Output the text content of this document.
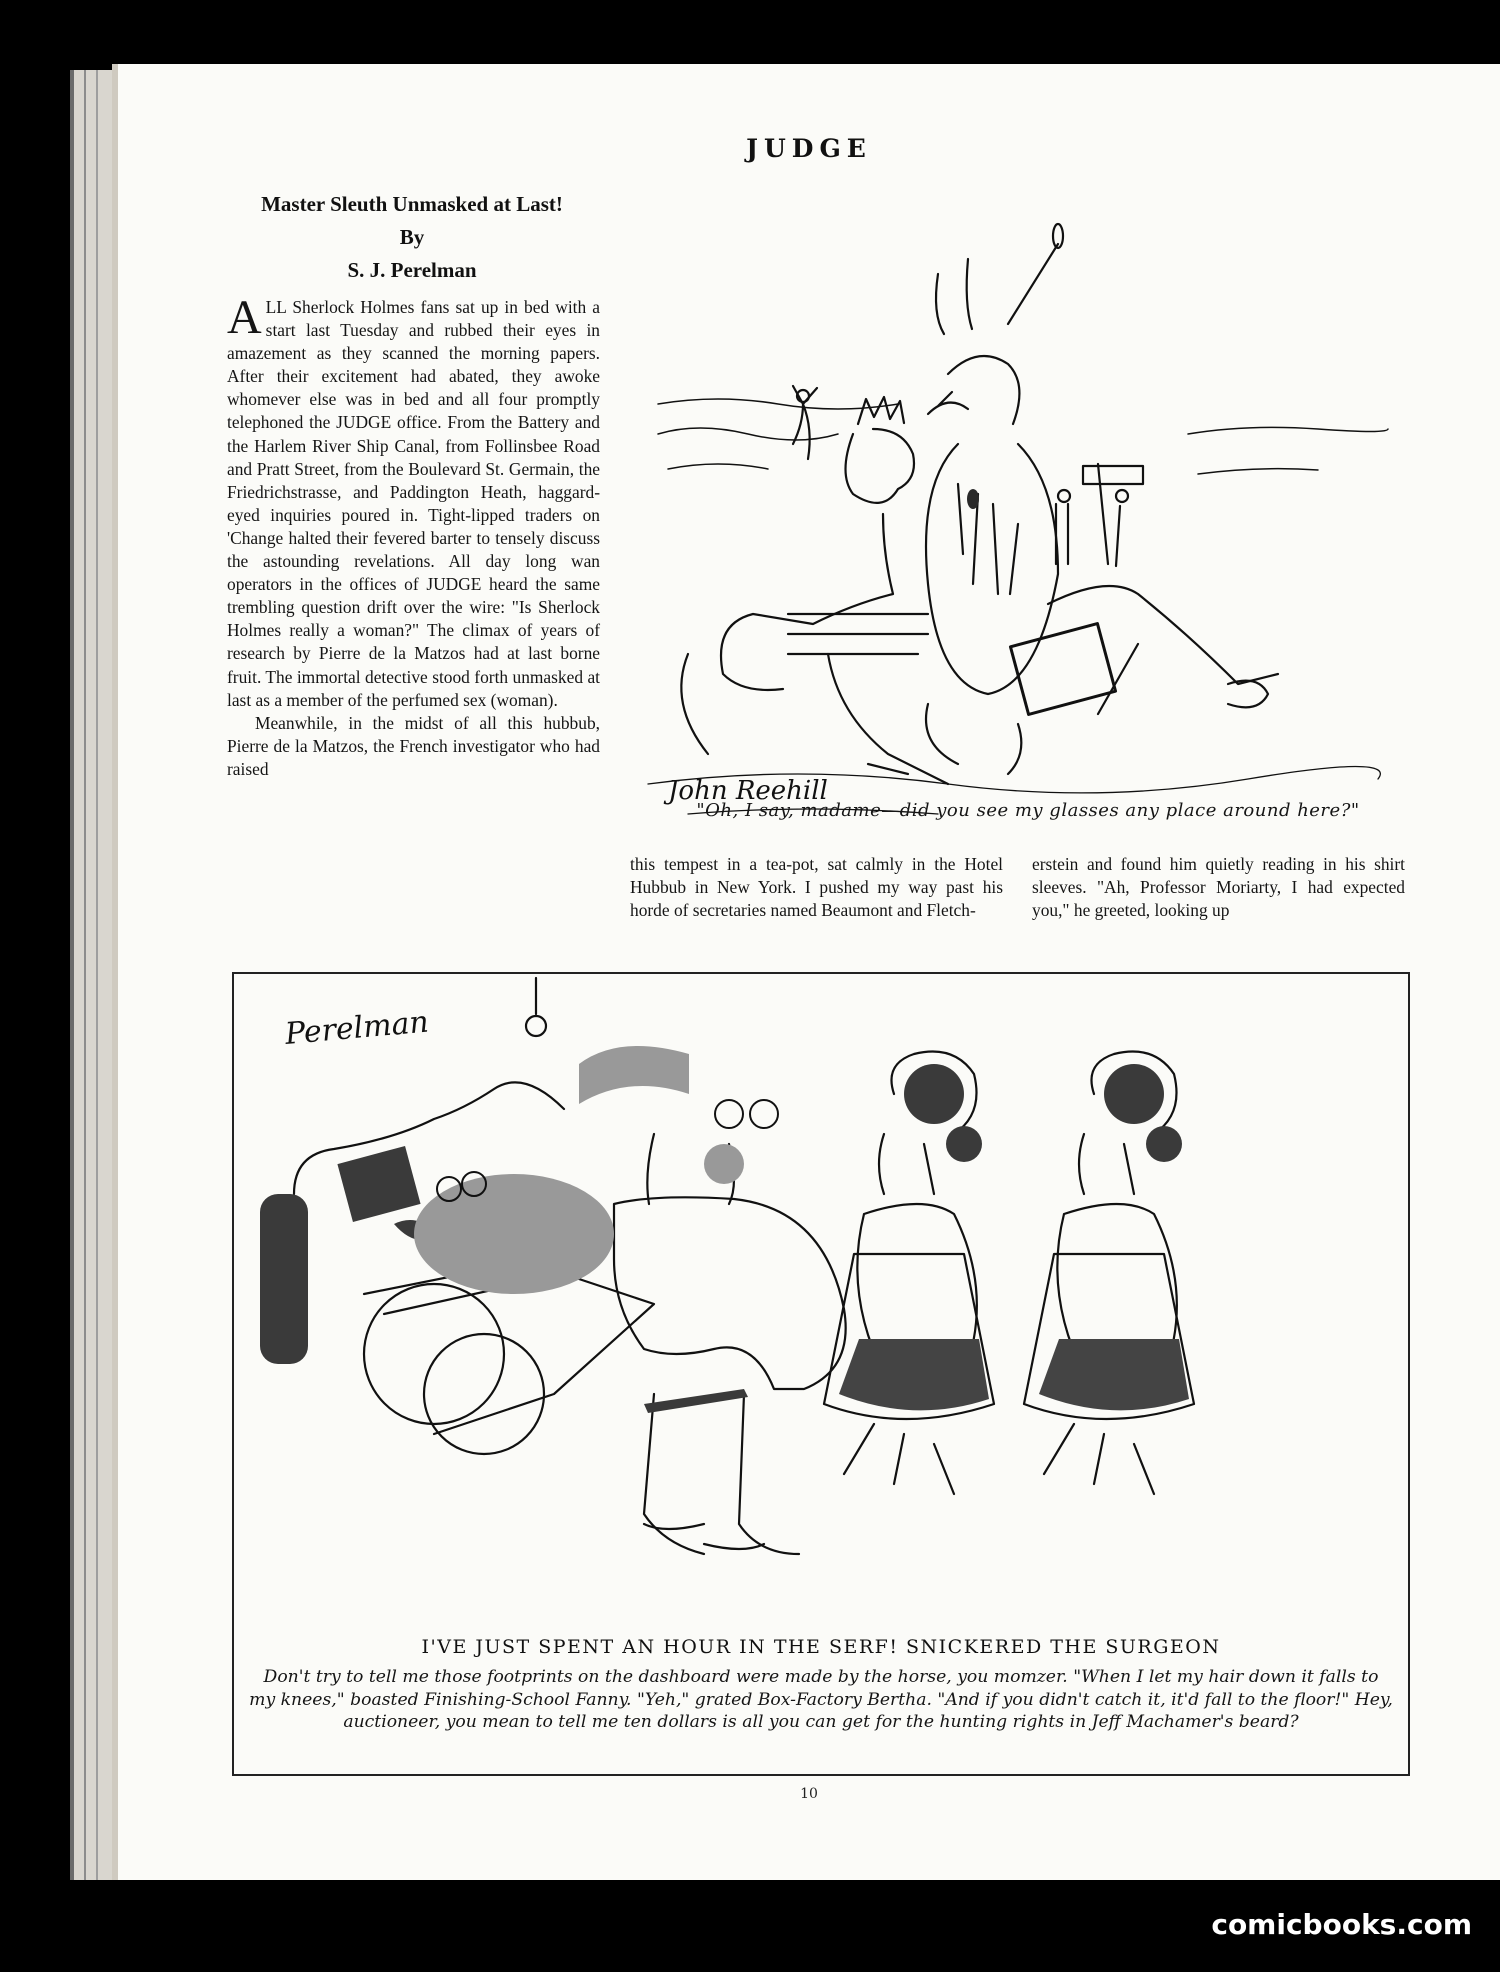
JUDGE
Master Sleuth Unmasked at Last!
By
S. J. Perelman

ALL Sherlock Holmes fans sat up in bed with a start last Tuesday and rubbed their eyes in amazement as they scanned the morning papers. After their excitement had abated, they awoke whomever else was in bed and all four promptly telephoned the JUDGE office. From the Battery and the Harlem River Ship Canal, from Follinsbee Road and Pratt Street, from the Boulevard St. Germain, the Friedrichstrasse, and Paddington Heath, haggard-eyed inquiries poured in. Tight-lipped traders on 'Change halted their fevered barter to tensely discuss the astounding revelations. All day long wan operators in the offices of JUDGE heard the same trembling question drift over the wire: "Is Sherlock Holmes really a woman?" The climax of years of research by Pierre de la Matzos had at last borne fruit. The immortal detective stood forth unmasked at last as a member of the perfumed sex (woman).

Meanwhile, in the midst of all this hubbub, Pierre de la Matzos, the French investigator who had raised

John Reehill
"Oh, I say, madame—did you see my glasses any place around here?"
this tempest in a tea-pot, sat calmly in the Hotel Hubbub in New York. I pushed my way past his horde of secretaries named Beaumont and Fletch-
erstein and found him quietly reading in his shirt sleeves. "Ah, Professor Moriarty, I had expected you," he greeted, looking up
Perelman
I'VE JUST SPENT AN HOUR IN THE SERF! SNICKERED THE SURGEON
Don't try to tell me those footprints on the dashboard were made by the horse, you momzer. "When I let my hair down it falls to my knees," boasted Finishing-School Fanny. "Yeh," grated Box-Factory Bertha. "And if you didn't catch it, it'd fall to the floor!" Hey, auctioneer, you mean to tell me ten dollars is all you can get for the hunting rights in Jeff Machamer's beard?
10
comicbooks.com
